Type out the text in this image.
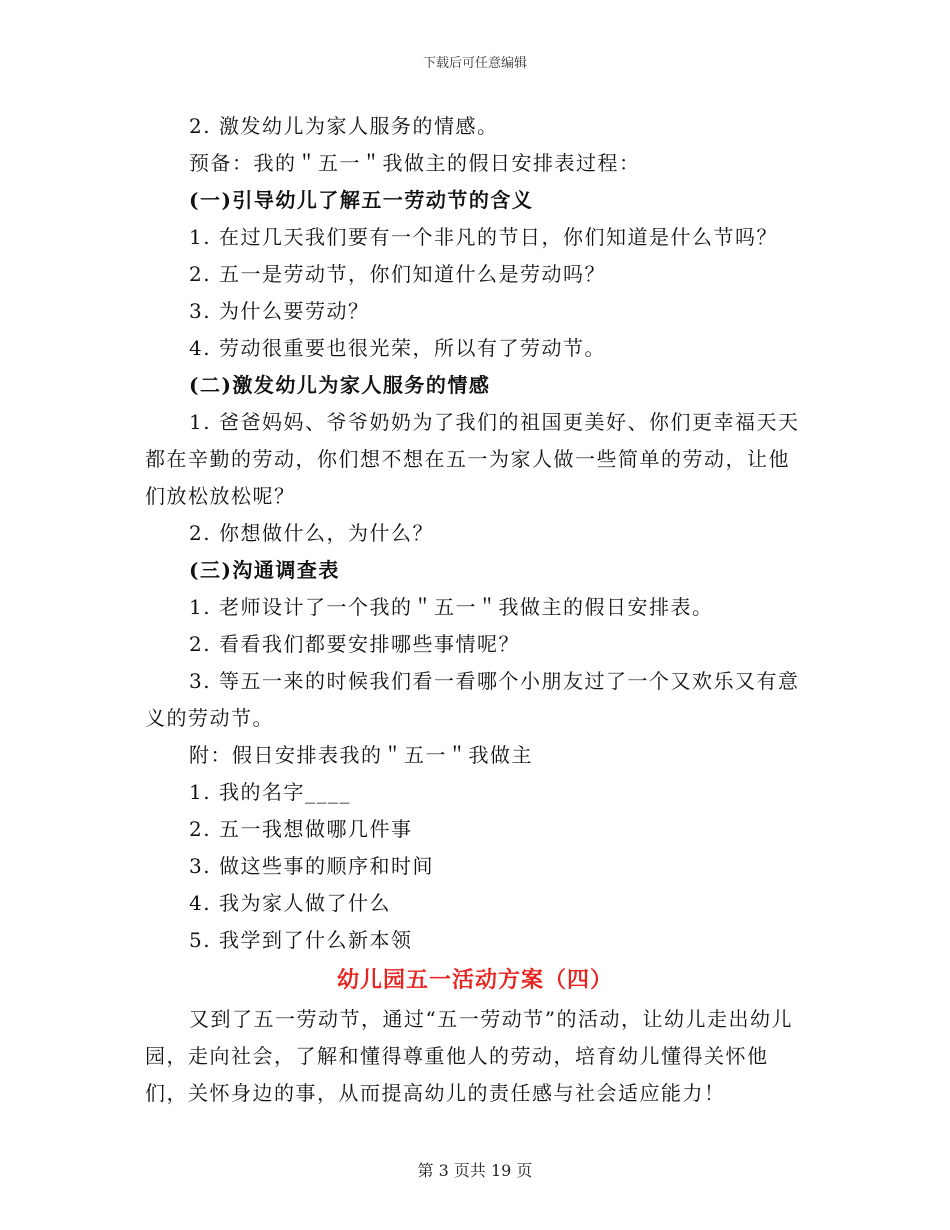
下载后可任意编辑

2. 激发幼儿为家人服务的情感。

预备：我的＂五一＂我做主的假日安排表过程：

(一)引导幼儿了解五一劳动节的含义

1. 在过几天我们要有一个非凡的节日，你们知道是什么节吗？

2. 五一是劳动节，你们知道什么是劳动吗？

3. 为什么要劳动？

4. 劳动很重要也很光荣，所以有了劳动节。

(二)激发幼儿为家人服务的情感

1. 爸爸妈妈、爷爷奶奶为了我们的祖国更美好、你们更幸福天天都在辛勤的劳动，你们想不想在五一为家人做一些简单的劳动，让他们放松放松呢？

2. 你想做什么，为什么？

(三)沟通调查表

1. 老师设计了一个我的＂五一＂我做主的假日安排表。

2. 看看我们都要安排哪些事情呢？

3. 等五一来的时候我们看一看哪个小朋友过了一个又欢乐又有意义的劳动节。

附：假日安排表我的＂五一＂我做主

1. 我的名字____

2. 五一我想做哪几件事

3. 做这些事的顺序和时间

4. 我为家人做了什么

5. 我学到了什么新本领

幼儿园五一活动方案（四）

又到了五一劳动节，通过“五一劳动节”的活动，让幼儿走出幼儿园，走向社会，了解和懂得尊重他人的劳动，培育幼儿懂得关怀他们，关怀身边的事，从而提高幼儿的责任感与社会适应能力！

第 3 页共 19 页
